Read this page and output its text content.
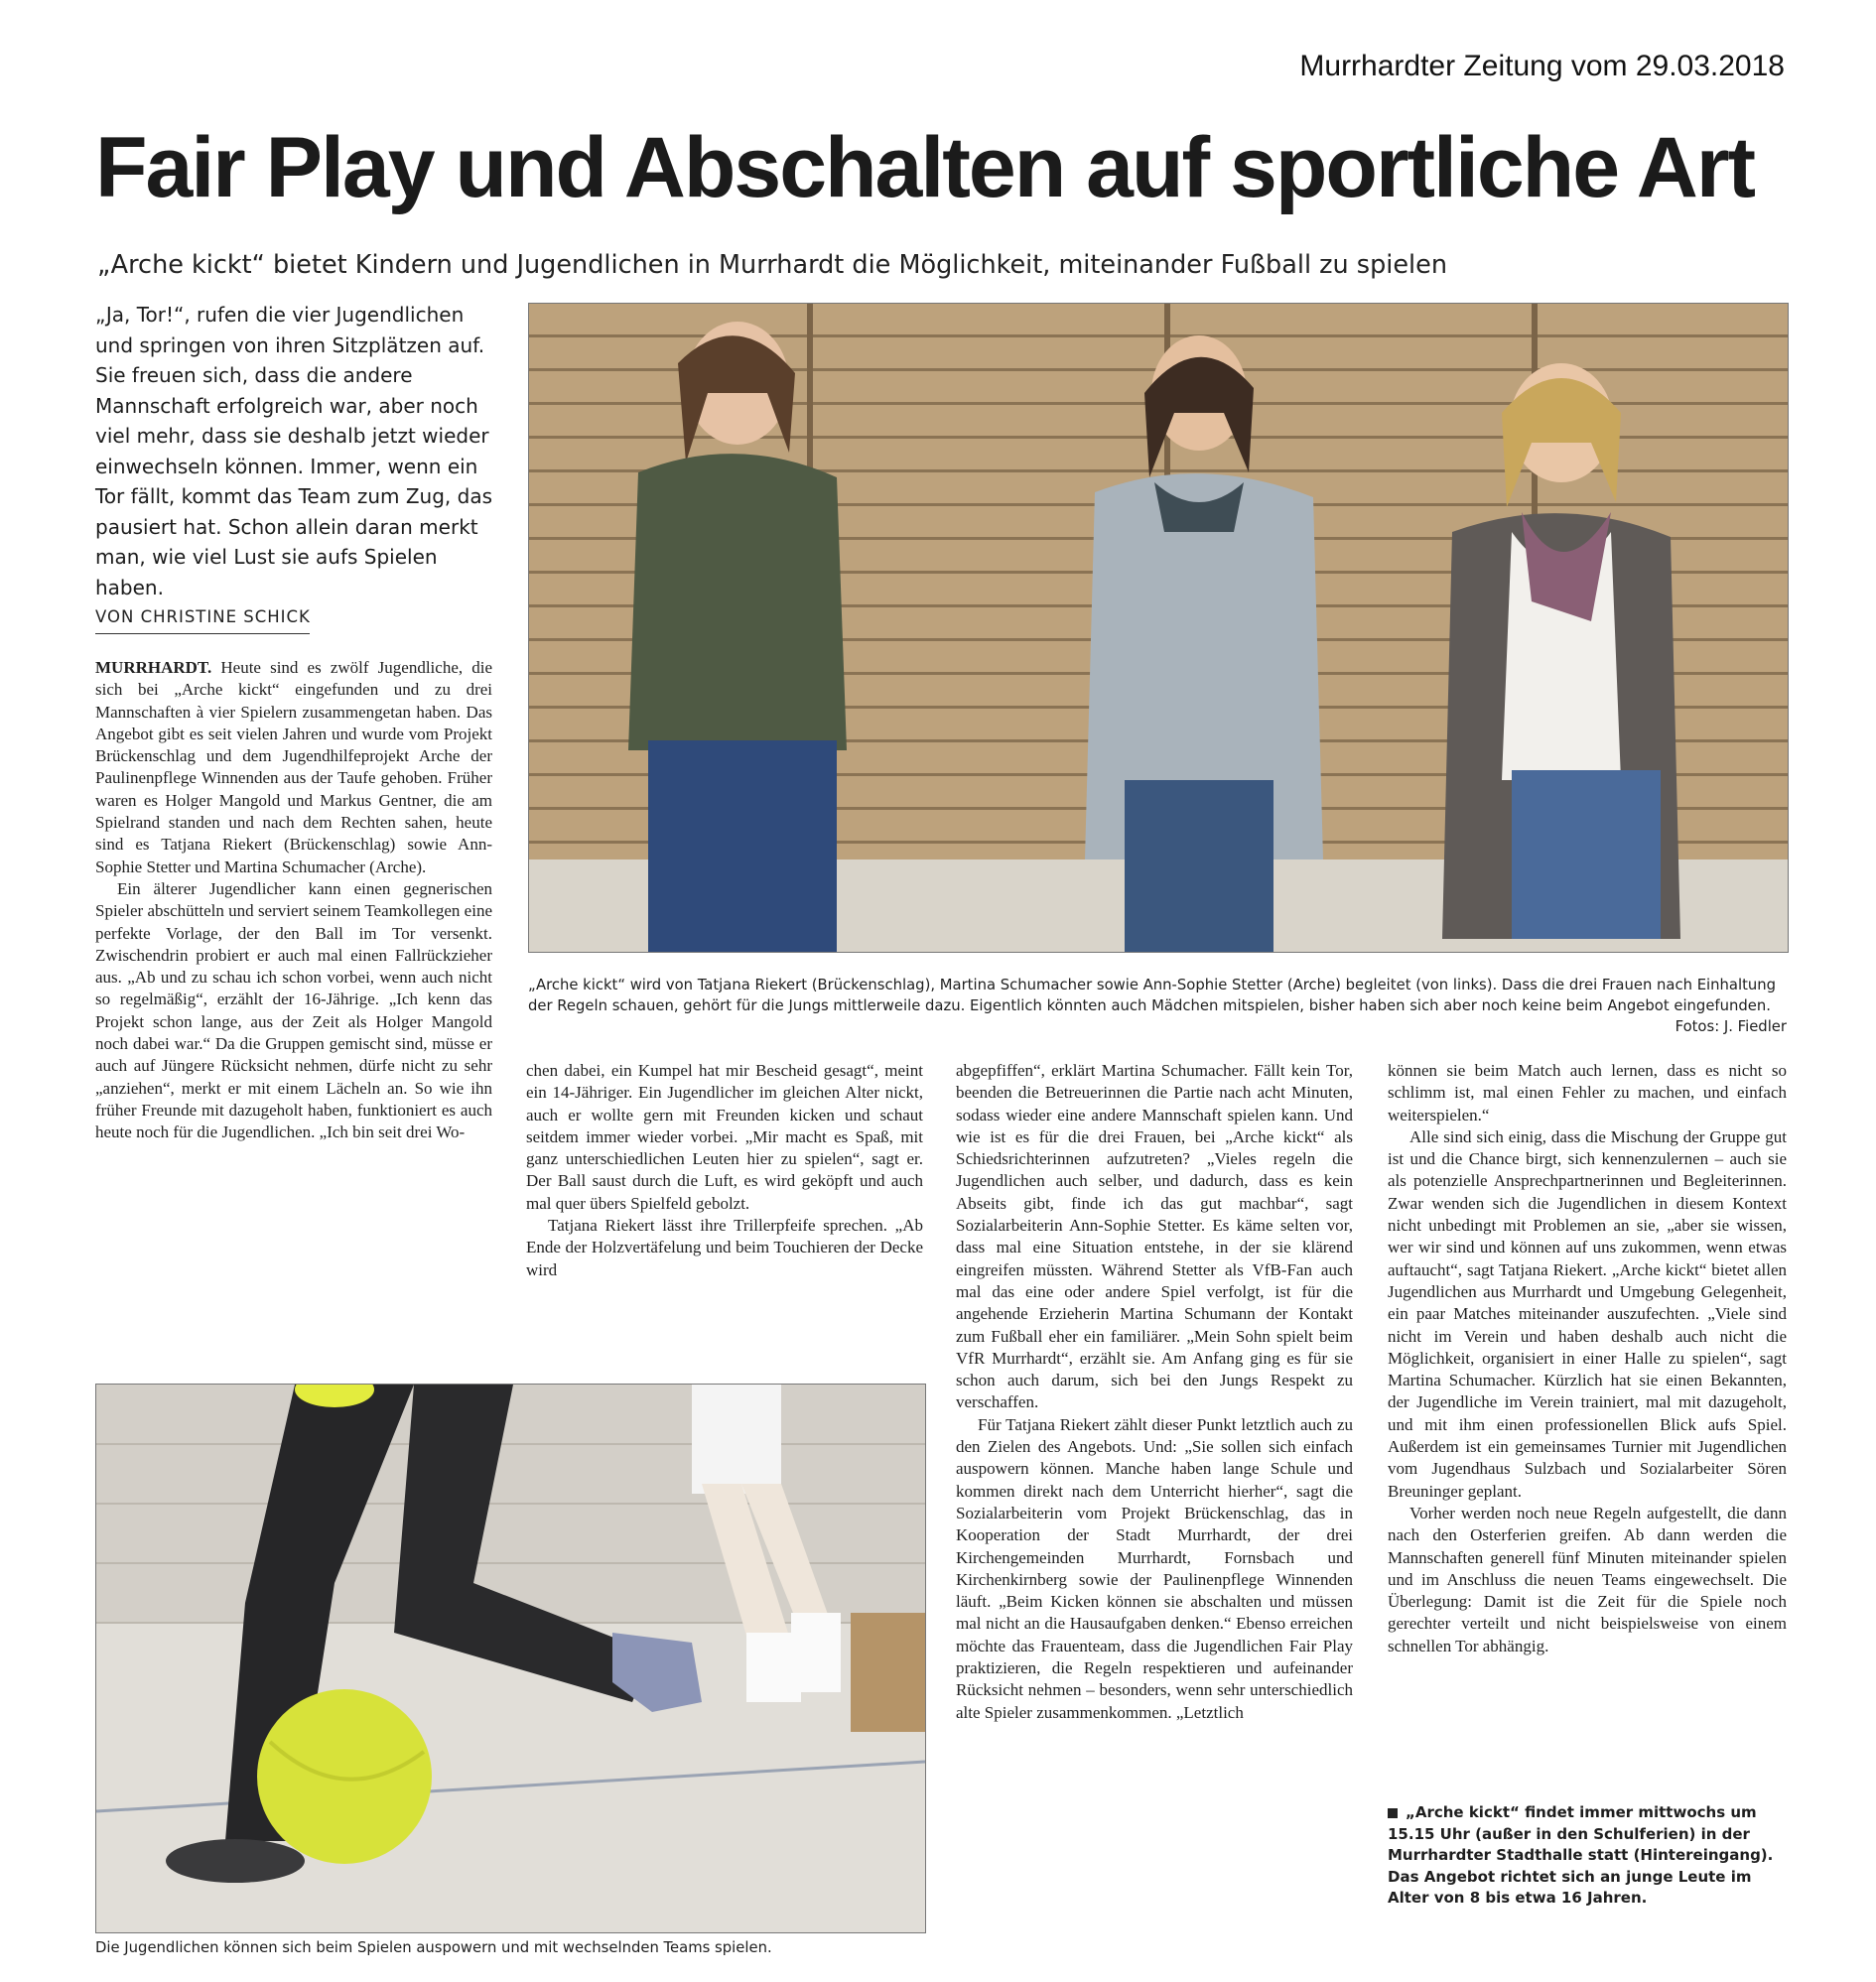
Murrhardter Zeitung vom 29.03.2018
Fair Play und Abschalten auf sportliche Art
„Arche kickt“ bietet Kindern und Jugendlichen in Murrhardt die Möglichkeit, miteinander Fußball zu spielen

„Ja, Tor!“, rufen die vier Jugendlichen und springen von ihren Sitzplätzen auf. Sie freuen sich, dass die andere Mannschaft erfolgreich war, aber noch viel mehr, dass sie deshalb jetzt wieder einwechseln können. Immer, wenn ein Tor fällt, kommt das Team zum Zug, das pausiert hat. Schon allein daran merkt man, wie viel Lust sie aufs Spielen haben.

VON CHRISTINE SCHICK

MURRHARDT. Heute sind es zwölf Jugendliche, die sich bei „Arche kickt“ eingefunden und zu drei Mannschaften à vier Spielern zusammengetan haben. Das Angebot gibt es seit vielen Jahren und wurde vom Projekt Brückenschlag und dem Jugendhilfeprojekt Arche der Paulinenpflege Winnenden aus der Taufe gehoben. Früher waren es Holger Mangold und Markus Gentner, die am Spielrand standen und nach dem Rechten sahen, heute sind es Tatjana Riekert (Brückenschlag) sowie Ann-Sophie Stetter und Martina Schumacher (Arche).

Ein älterer Jugendlicher kann einen gegnerischen Spieler abschütteln und serviert seinem Teamkollegen eine perfekte Vorlage, der den Ball im Tor versenkt. Zwischendrin probiert er auch mal einen Fallrückzieher aus. „Ab und zu schau ich schon vorbei, wenn auch nicht so regelmäßig“, erzählt der 16-Jährige. „Ich kenn das Projekt schon lange, aus der Zeit als Holger Mangold noch dabei war.“ Da die Gruppen gemischt sind, müsse er auch auf Jüngere Rücksicht nehmen, dürfe nicht zu sehr „anziehen“, merkt er mit einem Lächeln an. So wie ihn früher Freunde mit dazugeholt haben, funktioniert es auch heute noch für die Jugendlichen. „Ich bin seit drei Wo-

„Arche kickt“ wird von Tatjana Riekert (Brückenschlag), Martina Schumacher sowie Ann-Sophie Stetter (Arche) begleitet (von links). Dass die drei Frauen nach Einhaltung der Regeln schauen, gehört für die Jungs mittlerweile dazu. Eigentlich könnten auch Mädchen mitspielen, bisher haben sich aber noch keine beim Angebot eingefunden.

Fotos: J. Fiedler

chen dabei, ein Kumpel hat mir Bescheid gesagt“, meint ein 14-Jähriger. Ein Jugendlicher im gleichen Alter nickt, auch er wollte gern mit Freunden kicken und schaut seitdem immer wieder vorbei. „Mir macht es Spaß, mit ganz unterschiedlichen Leuten hier zu spielen“, sagt er. Der Ball saust durch die Luft, es wird geköpft und auch mal quer übers Spielfeld gebolzt.

Tatjana Riekert lässt ihre Trillerpfeife sprechen. „Ab Ende der Holzvertäfelung und beim Touchieren der Decke wird

abgepfiffen“, erklärt Martina Schumacher. Fällt kein Tor, beenden die Betreuerinnen die Partie nach acht Minuten, sodass wieder eine andere Mannschaft spielen kann. Und wie ist es für die drei Frauen, bei „Arche kickt“ als Schiedsrichterinnen aufzutreten? „Vieles regeln die Jugendlichen auch selber, und dadurch, dass es kein Abseits gibt, finde ich das gut machbar“, sagt Sozialarbeiterin Ann-Sophie Stetter. Es käme selten vor, dass mal eine Situation entstehe, in der sie klärend eingreifen müssten. Während Stetter als VfB-Fan auch mal das eine oder andere Spiel verfolgt, ist für die angehende Erzieherin Martina Schumann der Kontakt zum Fußball eher ein familiärer. „Mein Sohn spielt beim VfR Murrhardt“, erzählt sie. Am Anfang ging es für sie schon auch darum, sich bei den Jungs Respekt zu verschaffen.

Für Tatjana Riekert zählt dieser Punkt letztlich auch zu den Zielen des Angebots. Und: „Sie sollen sich einfach auspowern können. Manche haben lange Schule und kommen direkt nach dem Unterricht hierher“, sagt die Sozialarbeiterin vom Projekt Brückenschlag, das in Kooperation der Stadt Murrhardt, der drei Kirchengemeinden Murrhardt, Fornsbach und Kirchenkirnberg sowie der Paulinenpflege Winnenden läuft. „Beim Kicken können sie abschalten und müssen mal nicht an die Hausaufgaben denken.“ Ebenso erreichen möchte das Frauenteam, dass die Jugendlichen Fair Play praktizieren, die Regeln respektieren und aufeinander Rücksicht nehmen – besonders, wenn sehr unterschiedlich alte Spieler zusammenkommen. „Letztlich

können sie beim Match auch lernen, dass es nicht so schlimm ist, mal einen Fehler zu machen, und einfach weiterspielen.“

Alle sind sich einig, dass die Mischung der Gruppe gut ist und die Chance birgt, sich kennenzulernen – auch sie als potenzielle Ansprechpartnerinnen und Begleiterinnen. Zwar wenden sich die Jugendlichen in diesem Kontext nicht unbedingt mit Problemen an sie, „aber sie wissen, wer wir sind und können auf uns zukommen, wenn etwas auftaucht“, sagt Tatjana Riekert. „Arche kickt“ bietet allen Jugendlichen aus Murrhardt und Umgebung Gelegenheit, ein paar Matches miteinander auszufechten. „Viele sind nicht im Verein und haben deshalb auch nicht die Möglichkeit, organisiert in einer Halle zu spielen“, sagt Martina Schumacher. Kürzlich hat sie einen Bekannten, der Jugendliche im Verein trainiert, mal mit dazugeholt, und mit ihm einen professionellen Blick aufs Spiel. Außerdem ist ein gemeinsames Turnier mit Jugendlichen vom Jugendhaus Sulzbach und Sozialarbeiter Sören Breuninger geplant.

Vorher werden noch neue Regeln aufgestellt, die dann nach den Osterferien greifen. Ab dann werden die Mannschaften generell fünf Minuten miteinander spielen und im Anschluss die neuen Teams eingewechselt. Die Überlegung: Damit ist die Zeit für die Spiele noch gerechter verteilt und nicht beispielsweise von einem schnellen Tor abhängig.

„Arche kickt“ findet immer mittwochs um 15.15 Uhr (außer in den Schulferien) in der Murrhardter Stadthalle statt (Hintereingang). Das Angebot richtet sich an junge Leute im Alter von 8 bis etwa 16 Jahren.

Die Jugendlichen können sich beim Spielen auspowern und mit wechselnden Teams spielen.
